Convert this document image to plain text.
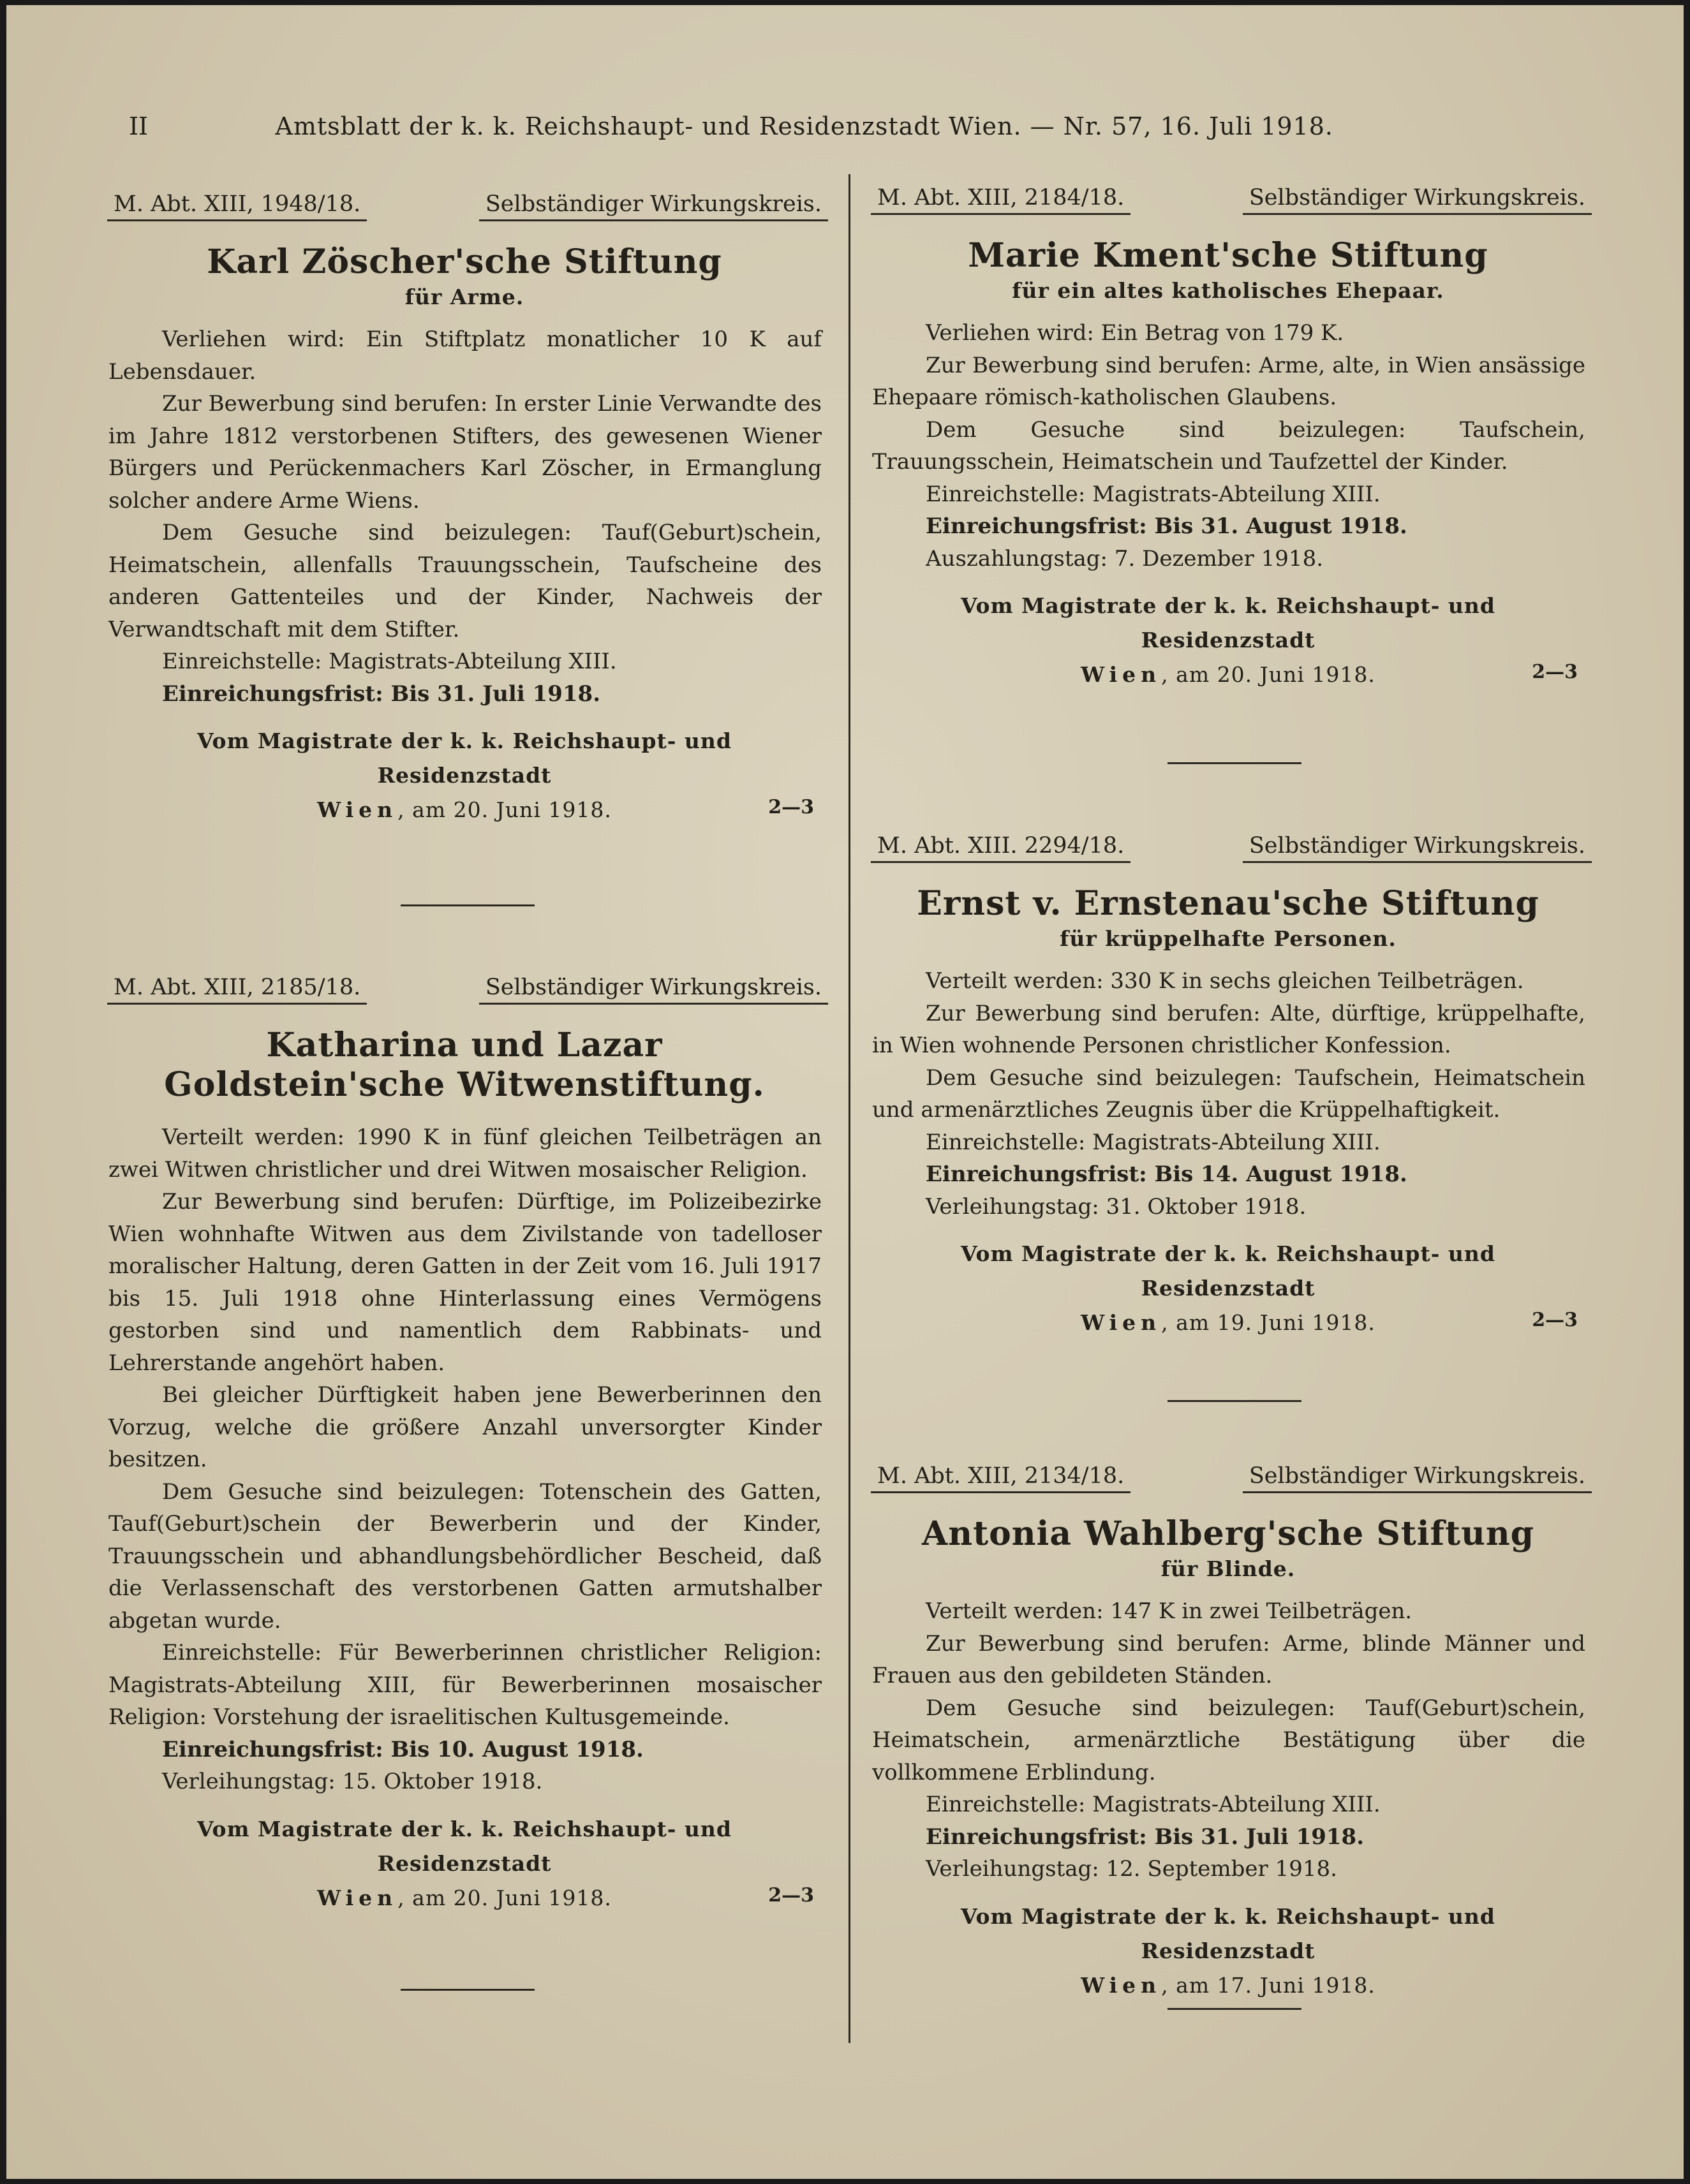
II	Amtsblatt der k. k. Reichshaupt- und Residenzstadt Wien. — Nr. 57, 16. Juli 1918.
M. Abt. XIII, 1948/18.	Selbständiger Wirkungskreis.
Karl Zöscher'sche Stiftung
für Arme.

Verliehen wird: Ein Stiftplatz monatlicher 10 K auf Lebensdauer.

Zur Bewerbung sind berufen: In erster Linie Verwandte des im Jahre 1812 verstorbenen Stifters, des gewesenen Wiener Bürgers und Perückenmachers Karl Zöscher, in Ermanglung solcher andere Arme Wiens.

Dem Gesuche sind beizulegen: Tauf(Geburt)schein, Heimatschein, allenfalls Trauungsschein, Taufscheine des anderen Gattenteiles und der Kinder, Nachweis der Verwandtschaft mit dem Stifter.

Einreichstelle: Magistrats-Abteilung XIII.

Einreichungsfrist: Bis 31. Juli 1918.

Vom Magistrate der k. k. Reichshaupt- und Residenzstadt
Wien, am 20. Juni 1918.	2—3
M. Abt. XIII, 2185/18.	Selbständiger Wirkungskreis.
Katharina und Lazar Goldstein'sche Witwenstiftung.

Verteilt werden: 1990 K in fünf gleichen Teilbeträgen an zwei Witwen christlicher und drei Witwen mosaischer Religion.

Zur Bewerbung sind berufen: Dürftige, im Polizeibezirke Wien wohnhafte Witwen aus dem Zivilstande von tadelloser moralischer Haltung, deren Gatten in der Zeit vom 16. Juli 1917 bis 15. Juli 1918 ohne Hinterlassung eines Vermögens gestorben sind und namentlich dem Rabbinats- und Lehrerstande angehört haben.

Bei gleicher Dürftigkeit haben jene Bewerberinnen den Vorzug, welche die größere Anzahl unversorgter Kinder besitzen.

Dem Gesuche sind beizulegen: Totenschein des Gatten, Tauf(Geburt)schein der Bewerberin und der Kinder, Trauungsschein und abhandlungsbehördlicher Bescheid, daß die Verlassenschaft des verstorbenen Gatten armutshalber abgetan wurde.

Einreichstelle: Für Bewerberinnen christlicher Religion: Magistrats-Abteilung XIII, für Bewerberinnen mosaischer Religion: Vorstehung der israelitischen Kultusgemeinde.

Einreichungsfrist: Bis 10. August 1918.

Verleihungstag: 15. Oktober 1918.

Vom Magistrate der k. k. Reichshaupt- und Residenzstadt
Wien, am 20. Juni 1918.	2—3
M. Abt. XIII, 2184/18.	Selbständiger Wirkungskreis.
Marie Kment'sche Stiftung
für ein altes katholisches Ehepaar.

Verliehen wird: Ein Betrag von 179 K.

Zur Bewerbung sind berufen: Arme, alte, in Wien ansässige Ehepaare römisch-katholischen Glaubens.

Dem Gesuche sind beizulegen: Taufschein, Trauungsschein, Heimatschein und Taufzettel der Kinder.

Einreichstelle: Magistrats-Abteilung XIII.

Einreichungsfrist: Bis 31. August 1918.

Auszahlungstag: 7. Dezember 1918.

Vom Magistrate der k. k. Reichshaupt- und Residenzstadt
Wien, am 20. Juni 1918.	2—3
M. Abt. XIII. 2294/18.	Selbständiger Wirkungskreis.
Ernst v. Ernstenau'sche Stiftung
für krüppelhafte Personen.

Verteilt werden: 330 K in sechs gleichen Teilbeträgen.

Zur Bewerbung sind berufen: Alte, dürftige, krüppelhafte, in Wien wohnende Personen christlicher Konfession.

Dem Gesuche sind beizulegen: Taufschein, Heimatschein und armenärztliches Zeugnis über die Krüppelhaftigkeit.

Einreichstelle: Magistrats-Abteilung XIII.

Einreichungsfrist: Bis 14. August 1918.

Verleihungstag: 31. Oktober 1918.

Vom Magistrate der k. k. Reichshaupt- und Residenzstadt
Wien, am 19. Juni 1918.	2—3
M. Abt. XIII, 2134/18.	Selbständiger Wirkungskreis.
Antonia Wahlberg'sche Stiftung
für Blinde.

Verteilt werden: 147 K in zwei Teilbeträgen.

Zur Bewerbung sind berufen: Arme, blinde Männer und Frauen aus den gebildeten Ständen.

Dem Gesuche sind beizulegen: Tauf(Geburt)schein, Heimatschein, armenärztliche Bestätigung über die vollkommene Erblindung.

Einreichstelle: Magistrats-Abteilung XIII.

Einreichungsfrist: Bis 31. Juli 1918.

Verleihungstag: 12. September 1918.

Vom Magistrate der k. k. Reichshaupt- und Residenzstadt
Wien, am 17. Juni 1918.
